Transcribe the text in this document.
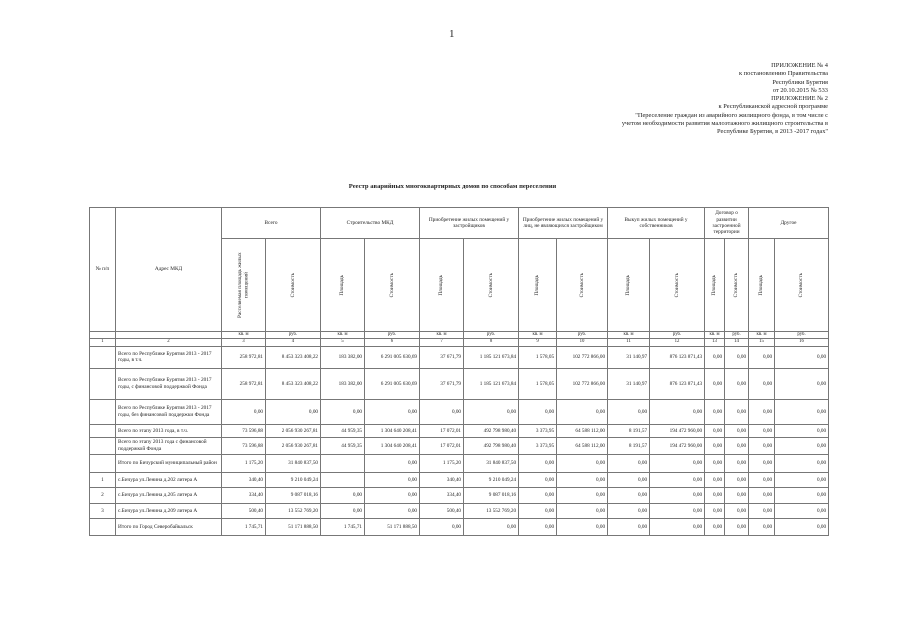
1
ПРИЛОЖЕНИЕ № 4
к постановлению Правительства
Республики Бурятия
от 20.10.2015 № 533
ПРИЛОЖЕНИЕ № 2
к Республиканской адресной программе
"Переселение граждан из аварийного жилищного фонда, в том числе с
учетом необходимости развития малоэтажного жилищного строительства в
Республике Бурятия, в 2013 -2017 годах"
Реестр аварийных многоквартирных домов по способам переселения
№ п/п	Адрес МКД	Всего		Строительство МКД		Приобретение жилых помещений у застройщиков		Приобретение жилых помещений у лиц, не являющихся застройщиком		Выкуп жилых помещений у собственников		Договор о развитии застроенной территории		Другое	

		Расселяемая площадь жилых помещений	Стоимость	Площадь	Стоимость	Площадь	Стоимость	Площадь	Стоимость	Площадь	Стоимость	Площадь	Стоимость	Площадь	Стоимость

		кв. м	руб.	кв. м	руб.	кв. м	руб.	кв. м	руб.	кв. м	руб.	кв. м	руб.	кв. м	руб.
1	2	3	4	5	6	7	8	9	10	11	12	13	14	15	16
	Всего по Республике Бурятия 2013 - 2017 годы, в т.ч.	258 972,81	8 453 323 408,22	183 382,00	6 291 005 630,69	37 671,79	1 185 121 673,84	1 578,05	102 772 866,00	31 140,97	876 123 871,43	0,00	0,00	0,00	0,00
	Всего по Республике Бурятия 2013 - 2017 годы, с финансовой поддержкой Фонда	258 972,81	8 453 323 408,22	183 382,00	6 291 005 630,69	37 671,79	1 185 121 673,84	1 578,05	102 772 866,00	31 140,97	876 123 871,43	0,00	0,00	0,00	0,00
	Всего по Республике Бурятия 2013 - 2017 годы, без финансовой поддержки Фонда	0,00	0,00	0,00	0,00	0,00	0,00	0,00	0,00	0,00	0,00	0,00	0,00	0,00	0,00
	Всего по этапу 2013 года, в т.ч.	73 596,88	2 056 930 267,81	44 959,35	1 304 640 208,41	17 072,01	492 798 980,40	3 373,95	64 588 112,00	8 191,57	194 472 960,00	0,00	0,00	0,00	0,00
	Всего по этапу 2013 года с финансовой поддержкой Фонда	73 596,88	2 056 930 267,81	44 959,35	1 304 640 208,41	17 072,01	492 798 980,40	3 373,95	64 588 112,00	8 191,57	194 472 960,00	0,00	0,00	0,00	0,00
	Итого по Бичурский муниципальный район	1 175,20	31 840 837,50		0,00	1 175,20	31 840 837,50	0,00	0,00	0,00	0,00	0,00	0,00	0,00	0,00
1	с.Бичура ул.Ленина д.202 литера А	340,40	9 210 049,24		0,00	340,40	9 210 049,24	0,00	0,00	0,00	0,00	0,00	0,00	0,00	0,00
2	с.Бичура ул.Ленина д.205 литера А	334,40	9 087 018,16	0,00	0,00	334,40	9 087 018,16	0,00	0,00	0,00	0,00	0,00	0,00	0,00	0,00
3	с.Бичура ул.Ленина д.209 литера А	500,40	13 552 769,20	0,00	0,00	500,40	13 552 769,20	0,00	0,00	0,00	0,00	0,00	0,00	0,00	0,00
	Итого по Город Северобайкальск	1 745,71	51 171 888,50	1 745,71	51 171 888,50	0,00	0,00	0,00	0,00	0,00	0,00	0,00	0,00	0,00	0,00
